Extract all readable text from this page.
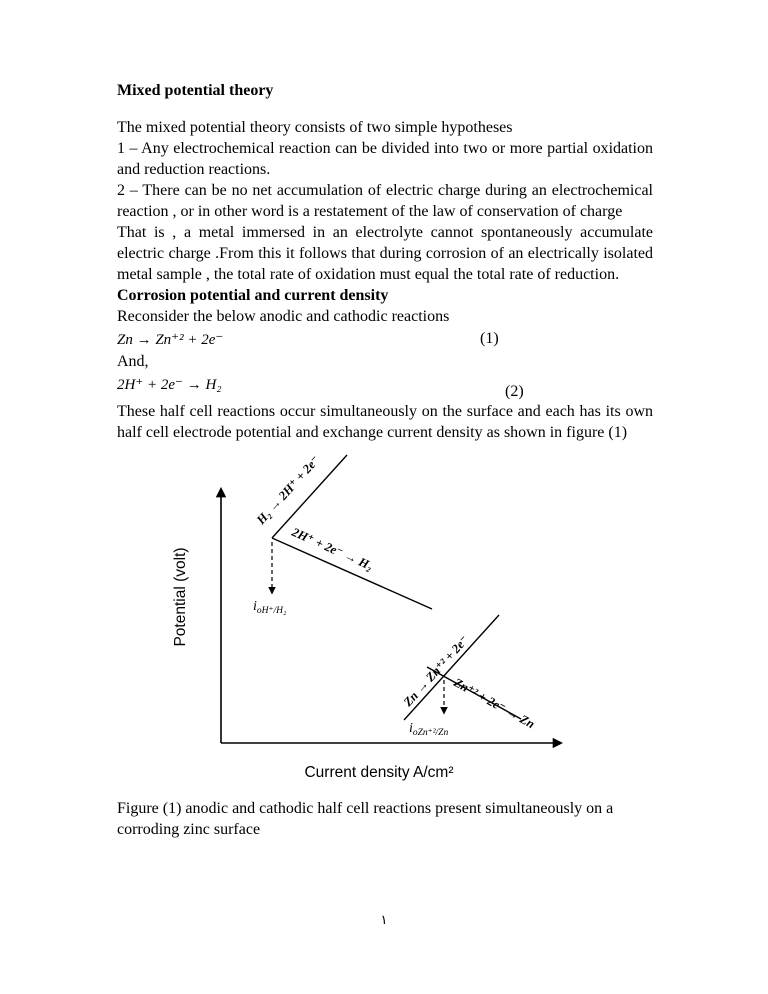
Mixed potential theory

The mixed potential theory consists of two simple hypotheses

1 – Any electrochemical reaction can be divided into two or more partial oxidation and reduction reactions.

2 – There can be no net accumulation of electric charge during an electrochemical reaction , or in other word is a restatement of the law of conservation of charge

That is , a metal immersed in an electrolyte cannot spontaneously accumulate electric charge .From this it follows that during corrosion of an electrically isolated metal sample , the total rate of oxidation must equal the total rate of reduction.

Corrosion potential and current density

Reconsider the below anodic and cathodic reactions

Zn → Zn⁺² + 2e⁻	(1)

And,

2H⁺ + 2e⁻ → H₂	(2)

These half cell reactions occur simultaneously on the surface and each has its own half cell electrode potential and exchange current density as shown in figure (1)

H₂ → 2H⁺ + 2e⁻
2H⁺ + 2e⁻ → H₂
Zn → Zn⁺² + 2e⁻
Zn⁺² + 2e⁻ → Zn
ioH⁺/H₂
ioZn⁺²/Zn
Potential (volt)
Current density A/cm²

Figure (1) anodic and cathodic half cell reactions present simultaneously on a corroding zinc surface

١
